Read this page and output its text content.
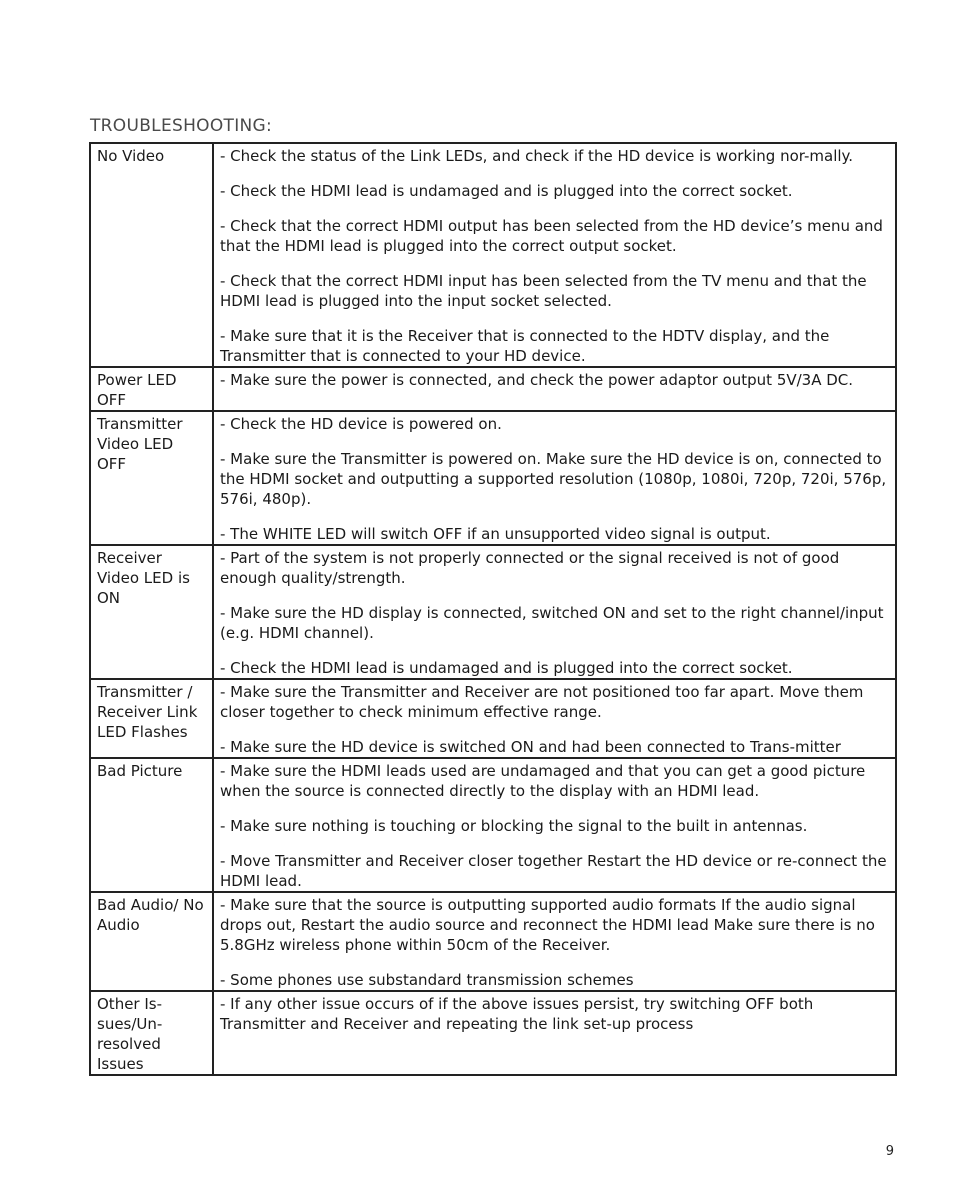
TROUBLESHOOTING:
No Video	- Check the status of the Link LEDs, and check if the HD device is working nor-mally.

- Check the HDMI lead is undamaged and is plugged into the correct socket.

- Check that the correct HDMI output has been selected from the HD device’s menu and that the HDMI lead is plugged into the correct output socket.

- Check that the correct HDMI input has been selected from the TV menu and that the HDMI lead is plugged into the input socket selected.

- Make sure that it is the Receiver that is connected to the HDTV display, and the Transmitter that is connected to your HD device.

Power LED OFF	- Make sure the power is connected, and check the power adaptor output 5V/3A DC.

Transmitter Video LED OFF	- Check the HD device is powered on.

- Make sure the Transmitter is powered on. Make sure the HD device is on, connected to the HDMI socket and outputting a supported resolution (1080p, 1080i, 720p, 720i, 576p, 576i, 480p).

- The WHITE LED will switch OFF if an unsupported video signal is output.

Receiver Video LED is ON	- Part of the system is not properly connected or the signal received is not of good enough quality/strength.

- Make sure the HD display is connected, switched ON and set to the right channel/input (e.g. HDMI channel).

- Check the HDMI lead is undamaged and is plugged into the correct socket.

Transmitter / Receiver Link LED Flashes	- Make sure the Transmitter and Receiver are not positioned too far apart. Move them closer together to check minimum effective range.

- Make sure the HD device is switched ON and had been connected to Trans-mitter

Bad Picture	- Make sure the HDMI leads used are undamaged and that you can get a good picture when the source is connected directly to the display with an HDMI lead.

- Make sure nothing is touching or blocking the signal to the built in antennas.

- Move Transmitter and Receiver closer together Restart the HD device or re-connect the HDMI lead.

Bad Audio/ No Audio	- Make sure that the source is outputting supported audio formats If the audio signal drops out, Restart the audio source and reconnect the HDMI lead Make sure there is no 5.8GHz wireless phone within 50cm of the Receiver.

- Some phones use substandard transmission schemes

Other Is-sues/Un-resolved Issues	- If any other issue occurs of if the above issues persist, try switching OFF both Transmitter and Receiver and repeating the link set-up process

9
